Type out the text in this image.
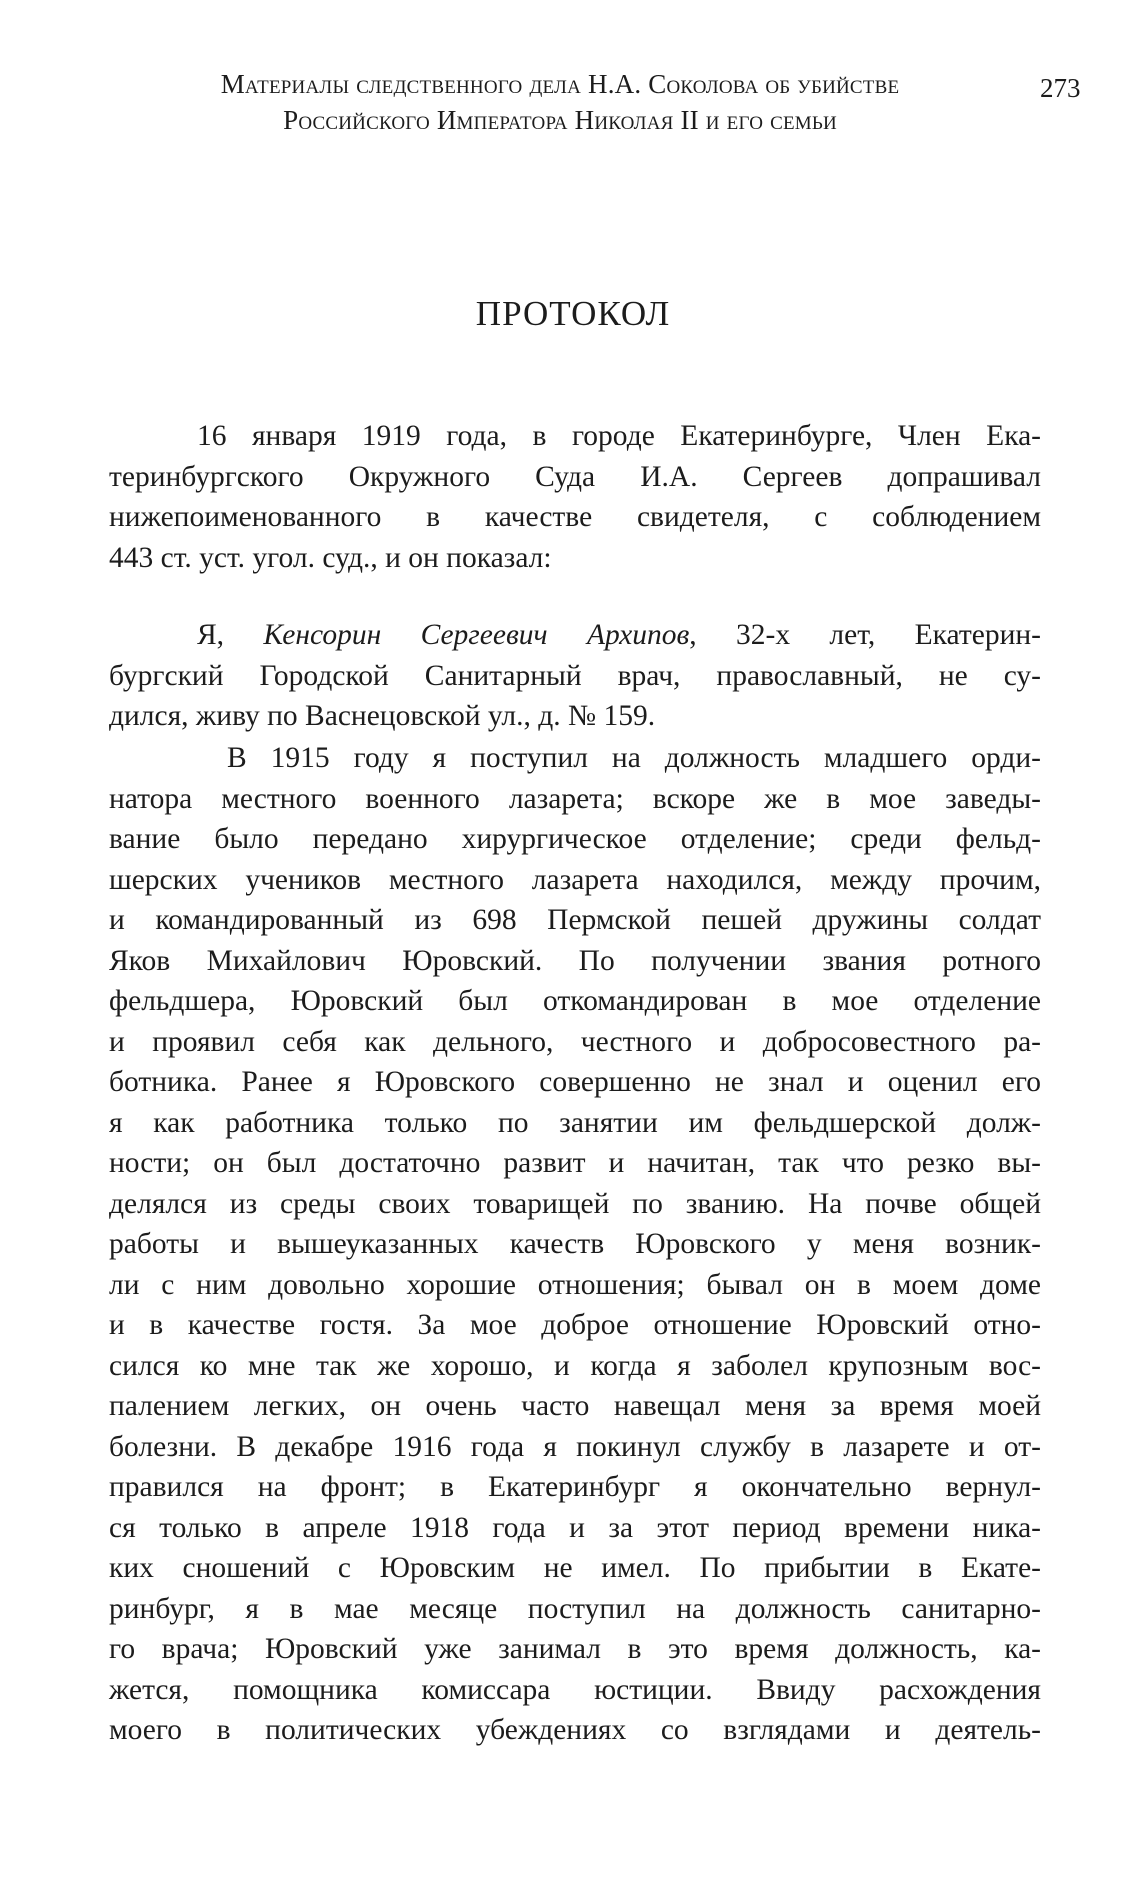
Материалы следственного дела Н.А. Соколова об убийстве
Российского Императора Николая II и его семьи
273
ПРОТОКОЛ
16 января 1919 года, в городе Екатеринбурге, Член Ека-
теринбургского Окружного Суда И.А. Сергеев допрашивал
нижепоименованного в качестве свидетеля, с соблюдением
443 ст. уст. угол. суд., и он показал:
Я, Кенсорин Сергеевич Архипов, 32-х лет, Екатерин-
бургский Городской Санитарный врач, православный, не су-
дился, живу по Васнецовской ул., д. № 159.
В 1915 году я поступил на должность младшего орди-
натора местного военного лазарета; вскоре же в мое заведы-
вание было передано хирургическое отделение; среди фельд-
шерских учеников местного лазарета находился, между прочим,
и командированный из 698 Пермской пешей дружины солдат
Яков Михайлович Юровский. По получении звания ротного
фельдшера, Юровский был откомандирован в мое отделение
и проявил себя как дельного, честного и добросовестного ра-
ботника. Ранее я Юровского совершенно не знал и оценил его
я как работника только по занятии им фельдшерской долж-
ности; он был достаточно развит и начитан, так что резко вы-
делялся из среды своих товарищей по званию. На почве общей
работы и вышеуказанных качеств Юровского у меня возник-
ли с ним довольно хорошие отношения; бывал он в моем доме
и в качестве гостя. За мое доброе отношение Юровский отно-
сился ко мне так же хорошо, и когда я заболел крупозным вос-
палением легких, он очень часто навещал меня за время моей
болезни. В декабре 1916 года я покинул службу в лазарете и от-
правился на фронт; в Екатеринбург я окончательно вернул-
ся только в апреле 1918 года и за этот период времени ника-
ких сношений с Юровским не имел. По прибытии в Екате-
ринбург, я в мае месяце поступил на должность санитарно-
го врача; Юровский уже занимал в это время должность, ка-
жется, помощника комиссара юстиции. Ввиду расхождения
моего в политических убеждениях со взглядами и деятель-
